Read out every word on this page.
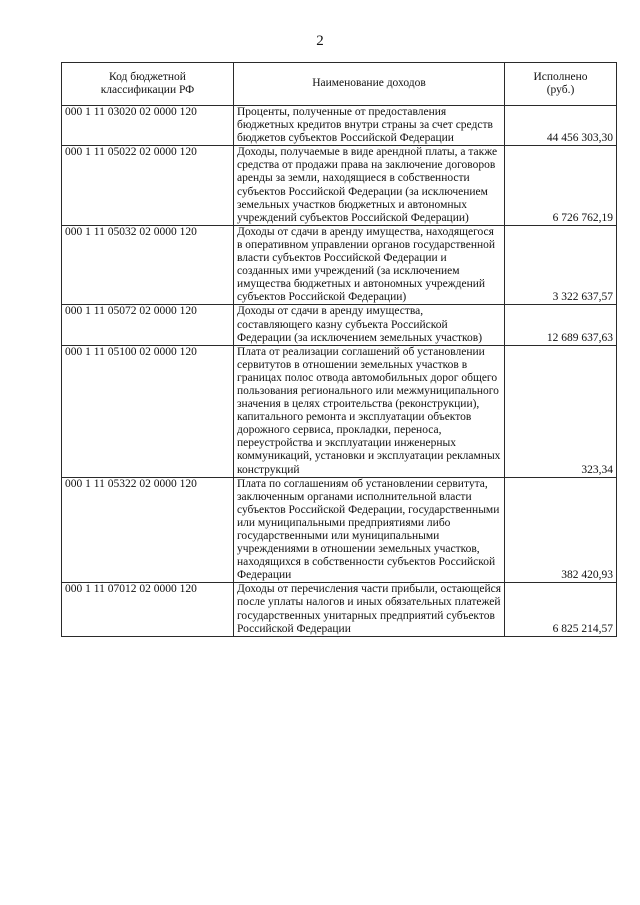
2
Код бюджетной классификации РФ	Наименование доходов	Исполнено (руб.)

000 1 11 03020 02 0000 120	Проценты, полученные от предоставления бюджетных кредитов внутри страны за счет средств бюджетов субъектов Российской Федерации	44 456 303,30
000 1 11 05022 02 0000 120	Доходы, получаемые в виде арендной платы, а также средства от продажи права на заключение договоров аренды за земли, находящиеся в собственности субъектов Российской Федерации (за исключением земельных участков бюджетных и автономных учреждений субъектов Российской Федерации)	6 726 762,19
000 1 11 05032 02 0000 120	Доходы от сдачи в аренду имущества, находящегося в оперативном управлении органов государственной власти субъектов Российской Федерации и созданных ими учреждений (за исключением имущества бюджетных и автономных учреждений субъектов Российской Федерации)	3 322 637,57
000 1 11 05072 02 0000 120	Доходы от сдачи в аренду имущества, составляющего казну субъекта Российской Федерации (за исключением земельных участков)	12 689 637,63
000 1 11 05100 02 0000 120	Плата от реализации соглашений об установлении сервитутов в отношении земельных участков в границах полос отвода автомобильных дорог общего пользования регионального или межмуниципального значения в целях строительства (реконструкции), капитального ремонта и эксплуатации объектов дорожного сервиса, прокладки, переноса, переустройства и эксплуатации инженерных коммуникаций, установки и эксплуатации рекламных конструкций	323,34
000 1 11 05322 02 0000 120	Плата по соглашениям об установлении сервитута, заключенным органами исполнительной власти субъектов Российской Федерации, государственными или муниципальными предприятиями либо государственными или муниципальными учреждениями в отношении земельных участков, находящихся в собственности субъектов Российской Федерации	382 420,93
000 1 11 07012 02 0000 120	Доходы от перечисления части прибыли, остающейся после уплаты налогов и иных обязательных платежей государственных унитарных предприятий субъектов Российской Федерации	6 825 214,57
